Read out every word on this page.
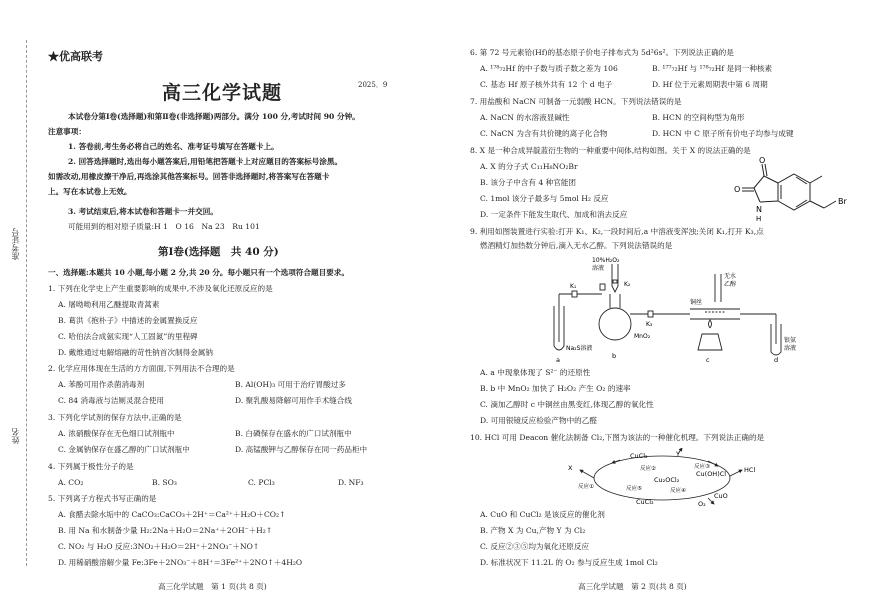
准考证号
姓名
★优高联考
高三化学试题	2025．9
本试卷分第Ⅰ卷(选择题)和第Ⅱ卷(非选择题)两部分。满分 100 分,考试时间 90 分钟。
注意事项：
1. 答卷前,考生务必将自己的姓名、准考证号填写在答题卡上。
2. 回答选择题时,选出每小题答案后,用铅笔把答题卡上对应题目的答案标号涂黑。
如需改动,用橡皮擦干净后,再选涂其他答案标号。回答非选择题时,将答案写在答题卡
上。写在本试卷上无效。
3. 考试结束后,将本试卷和答题卡一并交回。
可能用到的相对原子质量:H 1　O 16　Na 23　Ru 101
第Ⅰ卷(选择题　共 40 分)
一、选择题:本题共 10 小题,每小题 2 分,共 20 分。每小题只有一个选项符合题目要求。
1. 下列在化学史上产生重要影响的成果中,不涉及氧化还原反应的是
A. 屠呦呦利用乙醚提取青蒿素
B. 葛洪《抱朴子》中描述的金属置换反应
C. 哈伯法合成氨实现“人工固氮”的里程碑
D. 戴维通过电解熔融的苛性钠首次制得金属钠
2. 化学应用体现在生活的方方面面,下列用法不合理的是
A. 苯酚可用作杀菌消毒剂	B. Al(OH)₃ 可用于治疗胃酸过多
C. 84 消毒液与洁厕灵混合使用	D. 聚乳酸易降解可用作手术缝合线
3. 下列化学试剂的保存方法中,正确的是
A. 浓硝酸保存在无色细口试剂瓶中	B. 白磷保存在盛水的广口试剂瓶中
C. 金属钠保存在盛乙醇的广口试剂瓶中	D. 高锰酸钾与乙醇保存在同一药品柜中
4. 下列属于极性分子的是
A. CO₂	B. SO₃	C. PCl₃	D. NF₃
5. 下列离子方程式书写正确的是
A. 食醋去除水垢中的 CaCO₃:CaCO₃＋2H⁺＝Ca²⁺＋H₂O＋CO₂↑
B. 用 Na 和水制备少量 H₂:2Na＋H₂O＝2Na⁺＋2OH⁻＋H₂↑
C. NO₂ 与 H₂O 反应:3NO₂＋H₂O＝2H⁺＋2NO₃⁻＋NO↑
D. 用稀硝酸溶解少量 Fe:3Fe＋2NO₃⁻＋8H⁺＝3Fe²⁺＋2NO↑＋4H₂O
高三化学试题　第 1 页(共 8 页)
6. 第 72 号元素铪(Hf)的基态原子价电子排布式为 5d²6s²。下列说法正确的是
A. ¹⁷⁸₇₂Hf 的中子数与质子数之差为 106	B. ¹⁷⁷₇₂Hf 与 ¹⁷⁸₇₂Hf 是同一种核素
C. 基态 Hf 原子核外共有 12 个 d 电子	D. Hf 位于元素周期表中第 6 周期
7. 用盐酸和 NaCN 可制备一元弱酸 HCN。下列说法错误的是
A. NaCN 的水溶液显碱性	B. HCN 的空间构型为角形
C. NaCN 为含有共价键的离子化合物	D. HCN 中 C 原子所有价电子均参与成键
8. X 是一种合成异靛蓝衍生物的一种重要中间体,结构如图。关于 X 的说法正确的是
A. X 的分子式 C₁₁H₈NO₂Br
B. 该分子中含有 4 种官能团
C. 1mol 该分子最多与 5mol H₂ 反应
D. 一定条件下能发生取代、加成和消去反应
O
O
N
H
Br
9. 利用如图装置进行实验:打开 K₁、K₂,一段时间后,a 中溶液变浑浊;关闭 K₁,打开 K₃,点
燃酒精灯加热数分钟后,滴入无水乙醇。下列说法错误的是
10%H₂O₂
溶液
K₁	K₂
K₃
铜丝
无水
乙醇
Na₂S溶液
MnO₂
银氨
溶液
a	b	c	d
A. a 中现象体现了 S²⁻ 的还原性
B. b 中 MnO₂ 加快了 H₂O₂ 产生 O₂ 的速率
C. 滴加乙醇时 c 中铜丝由黑变红,体现乙醇的氧化性
D. 可用银镜反应检验产物中的乙醛
10. HCl 可用 Deacon 催化法制备 Cl₂,下图为该法的一种催化机理。下列说法正确的是
CuCl₂	Y
反应②	反应③
Cu(OH)Cl	HCl
X
反应①
Cu₂OCl₂
反应④
反应⑤
CuCl₂
CuO
O₂
A. CuO 和 CuCl₂ 是该反应的催化剂
B. 产物 X 为 Cu,产物 Y 为 Cl₂
C. 反应②③⑤均为氧化还原反应
D. 标准状况下 11.2L 的 O₂ 参与反应生成 1mol Cl₂
高三化学试题　第 2 页(共 8 页)
